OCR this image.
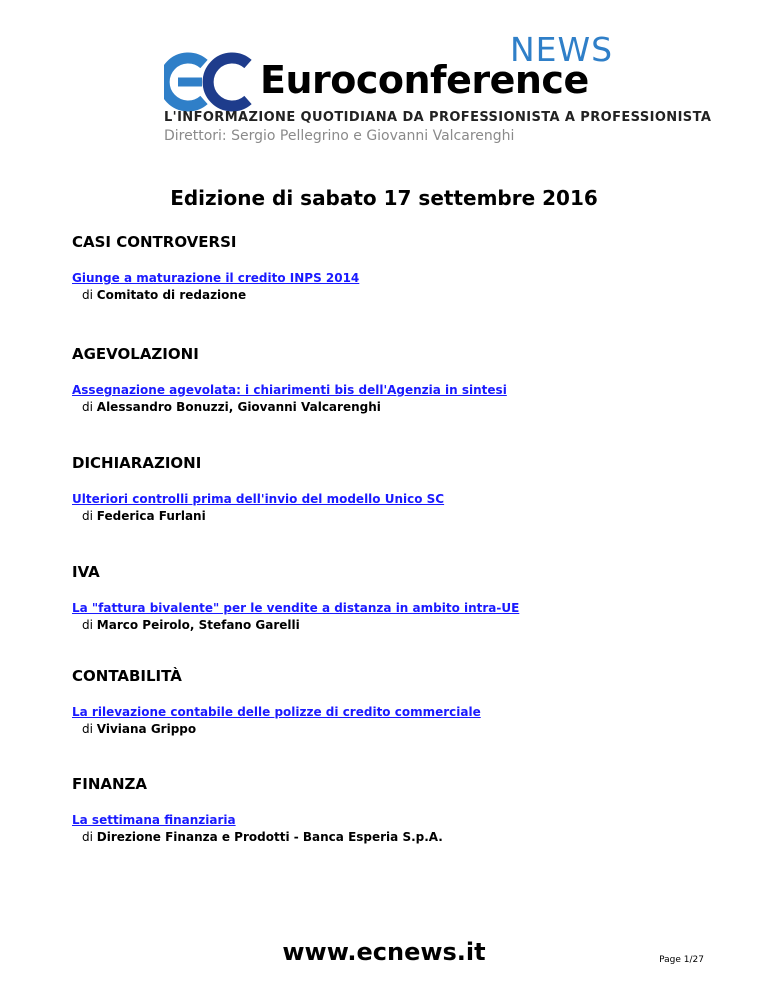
NEWS
Euroconference
L'INFORMAZIONE QUOTIDIANA DA PROFESSIONISTA A PROFESSIONISTA
Direttori: Sergio Pellegrino e Giovanni Valcarenghi
Edizione di sabato 17 settembre 2016
CASI CONTROVERSI
Giunge a maturazione il credito INPS 2014
di Comitato di redazione
AGEVOLAZIONI
Assegnazione agevolata: i chiarimenti bis dell'Agenzia in sintesi
di Alessandro Bonuzzi, Giovanni Valcarenghi
DICHIARAZIONI
Ulteriori controlli prima dell'invio del modello Unico SC
di Federica Furlani
IVA
La "fattura bivalente" per le vendite a distanza in ambito intra-UE
di Marco Peirolo, Stefano Garelli
CONTABILITÀ
La rilevazione contabile delle polizze di credito commerciale
di Viviana Grippo
FINANZA
La settimana finanziaria
di Direzione Finanza e Prodotti - Banca Esperia S.p.A.
www.ecnews.it	Page 1/27
